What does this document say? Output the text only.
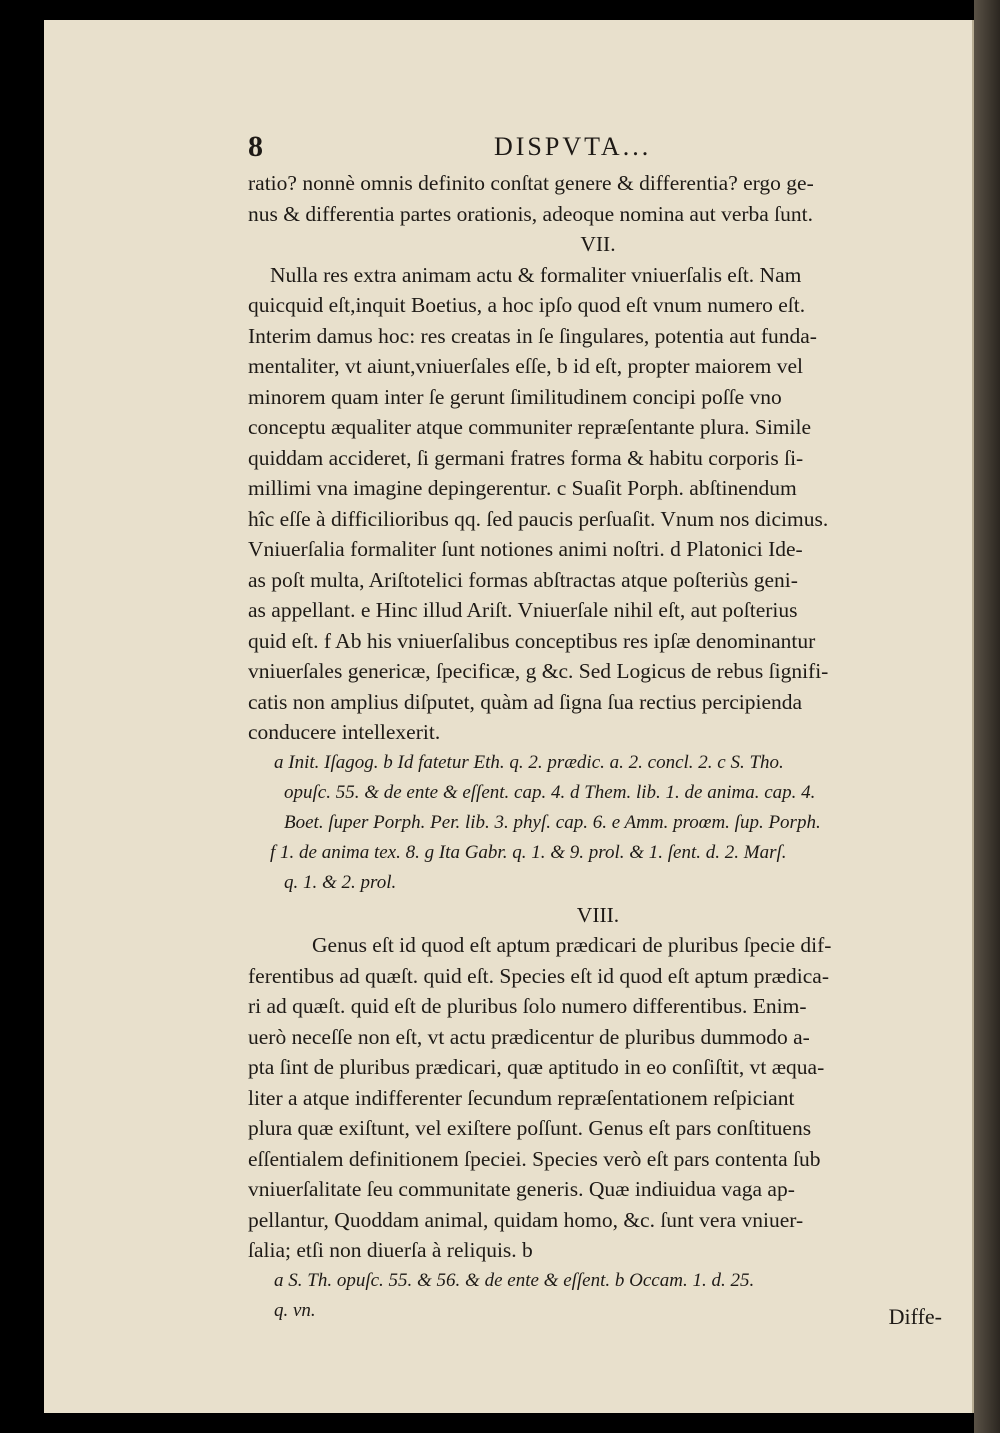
8	DISPVTA...
ratio? nonnè omnis definito conſtat genere & differentia? ergo ge-
nus & differentia partes orationis, adeoque nomina aut verba ſunt.
VII.
Nulla res extra animam actu & formaliter vniuerſalis eſt. Nam
quicquid eſt,inquit Boetius, a hoc ipſo quod eſt vnum numero eſt.
Interim damus hoc: res creatas in ſe ſingulares, potentia aut funda-
mentaliter, vt aiunt,vniuerſales eſſe, b id eſt, propter maiorem vel
minorem quam inter ſe gerunt ſimilitudinem concipi poſſe vno
conceptu æqualiter atque communiter repræſentante plura. Simile
quiddam accideret, ſi germani fratres forma & habitu corporis ſi-
millimi vna imagine depingerentur. c Suaſit Porph. abſtinendum
hîc eſſe à difficilioribus qq. ſed paucis perſuaſit. Vnum nos dicimus.
Vniuerſalia formaliter ſunt notiones animi noſtri. d Platonici Ide-
as poſt multa, Ariſtotelici formas abſtractas atque poſteriùs geni-
as appellant. e Hinc illud Ariſt. Vniuerſale nihil eſt, aut poſterius
quid eſt. f Ab his vniuerſalibus conceptibus res ipſæ denominantur
vniuerſales genericæ, ſpecificæ, g &c. Sed Logicus de rebus ſignifi-
catis non amplius diſputet, quàm ad ſigna ſua rectius percipienda
conducere intellexerit.
a Init. Iſagog. b Id fatetur Eth. q. 2. prædic. a. 2. concl. 2. c S. Tho.
opuſc. 55. & de ente & eſſent. cap. 4. d Them. lib. 1. de anima. cap. 4.
Boet. ſuper Porph. Per. lib. 3. phyſ. cap. 6. e Amm. proœm. ſup. Porph.
f 1. de anima tex. 8. g Ita Gabr. q. 1. & 9. prol. & 1. ſent. d. 2. Marſ.
q. 1. & 2. prol.
VIII.
Genus eſt id quod eſt aptum prædicari de pluribus ſpecie dif-
ferentibus ad quæſt. quid eſt. Species eſt id quod eſt aptum prædica-
ri ad quæſt. quid eſt de pluribus ſolo numero differentibus. Enim-
uerò neceſſe non eſt, vt actu prædicentur de pluribus dummodo a-
pta ſint de pluribus prædicari, quæ aptitudo in eo conſiſtit, vt æqua-
liter a atque indifferenter ſecundum repræſentationem reſpiciant
plura quæ exiſtunt, vel exiſtere poſſunt. Genus eſt pars conſtituens
eſſentialem definitionem ſpeciei. Species verò eſt pars contenta ſub
vniuerſalitate ſeu communitate generis. Quæ indiuidua vaga ap-
pellantur, Quoddam animal, quidam homo, &c. ſunt vera vniuer-
ſalia; etſi non diuerſa à reliquis. b
a S. Th. opuſc. 55. & 56. & de ente & eſſent. b Occam. 1. d. 25.
q. vn.	Diffe-
